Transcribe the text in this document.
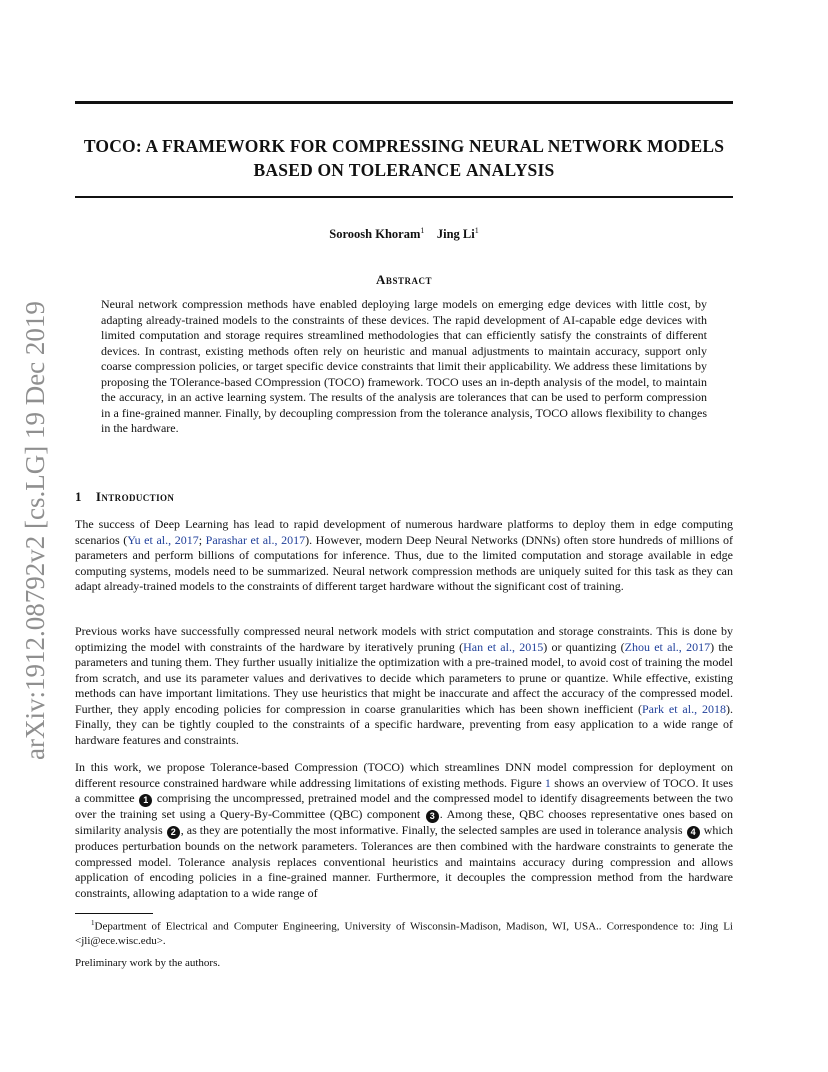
arXiv:1912.08792v2 [cs.LG] 19 Dec 2019
TOCO: A FRAMEWORK FOR COMPRESSING NEURAL NETWORK MODELS
BASED ON TOLERANCE ANALYSIS
Soroosh Khoram$^1$ Jing Li$^1$
Abstract
Neural network compression methods have enabled deploying large models on emerging edge devices with little cost, by adapting already-trained models to the constraints of these devices. The rapid development of AI-capable edge devices with limited computation and storage requires streamlined methodologies that can efficiently satisfy the constraints of different devices. In contrast, existing methods often rely on heuristic and manual adjustments to maintain accuracy, support only coarse compression policies, or target specific device constraints that limit their applicability. We address these limitations by proposing the TOlerance-based COmpression (TOCO) framework. TOCO uses an in-depth analysis of the model, to maintain the accuracy, in an active learning system. The results of the analysis are tolerances that can be used to perform compression in a fine-grained manner. Finally, by decoupling compression from the tolerance analysis, TOCO allows flexibility to changes in the hardware.
1 Introduction
The success of Deep Learning has lead to rapid development of numerous hardware platforms to deploy them in edge computing scenarios (Yu et al., 2017; Parashar et al., 2017). However, modern Deep Neural Networks (DNNs) often store hundreds of millions of parameters and perform billions of computations for inference. Thus, due to the limited computation and storage available in edge computing systems, models need to be summarized. Neural network compression methods are uniquely suited for this task as they can adapt already-trained models to the constraints of different target hardware without the significant cost of training.
Previous works have successfully compressed neural network models with strict computation and storage constraints. This is done by optimizing the model with constraints of the hardware by iteratively pruning (Han et al., 2015) or quantizing (Zhou et al., 2017) the parameters and tuning them. They further usually initialize the optimization with a pre-trained model, to avoid cost of training the model from scratch, and use its parameter values and derivatives to decide which parameters to prune or quantize. While effective, existing methods can have important limitations. They use heuristics that might be inaccurate and affect the accuracy of the compressed model. Further, they apply encoding policies for compression in coarse granularities which has been shown inefficient (Park et al., 2018). Finally, they can be tightly coupled to the constraints of a specific hardware, preventing from easy application to a wide range of hardware features and constraints.
In this work, we propose Tolerance-based Compression (TOCO) which streamlines DNN model compression for deployment on different resource constrained hardware while addressing limitations of existing methods. Figure 1 shows an overview of TOCO. It uses a committee 1 comprising the uncompressed, pretrained model and the compressed model to identify disagreements between the two over the training set using a Query-By-Committee (QBC) component 3 . Among these, QBC chooses representative ones based on similarity analysis 2 , as they are potentially the most informative. Finally, the selected samples are used in tolerance analysis 4 which produces perturbation bounds on the network parameters. Tolerances are then combined with the hardware constraints to generate the compressed model. Tolerance analysis replaces conventional heuristics and maintains accuracy during compression and allows application of encoding policies in a fine-grained manner. Furthermore, it decouples the compression method from the hardware constraints, allowing adaptation to a wide range of
$^1$Department of Electrical and Computer Engineering, University of Wisconsin-Madison, Madison, WI, USA.. Correspondence to: Jing Li <jli@ece.wisc.edu>.
Preliminary work by the authors.
